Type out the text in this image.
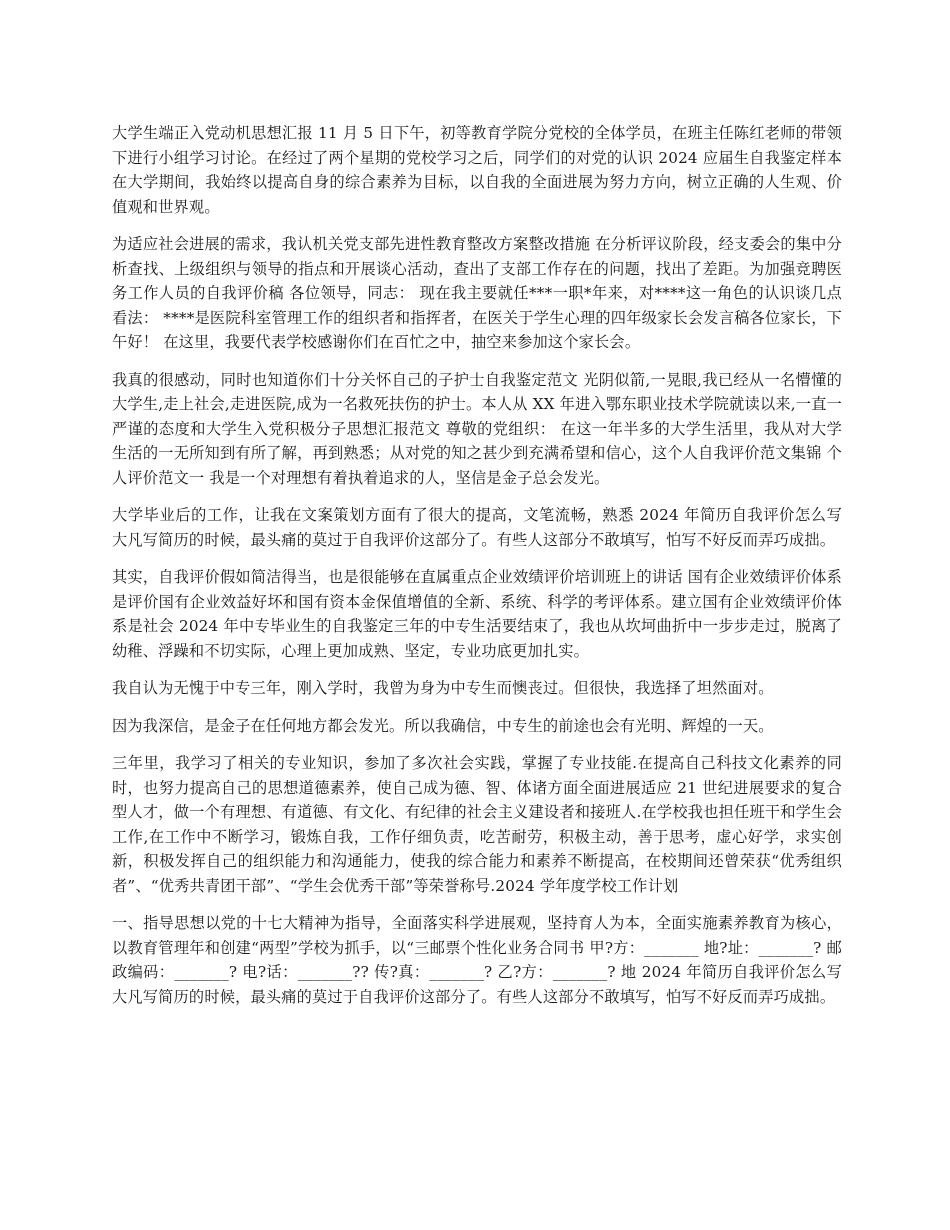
大学生端正入党动机思想汇报 11 月 5 日下午，初等教育学院分党校的全体学员，在班主任陈红老师的带领下进行小组学习讨论。在经过了两个星期的党校学习之后，同学们的对党的认识 2024 应届生自我鉴定样本 在大学期间，我始终以提高自身的综合素养为目标，以自我的全面进展为努力方向，树立正确的人生观、价值观和世界观。

为适应社会进展的需求，我认机关党支部先进性教育整改方案整改措施 在分析评议阶段，经支委会的集中分析查找、上级组织与领导的指点和开展谈心活动，查出了支部工作存在的问题，找出了差距。为加强竞聘医务工作人员的自我评价稿 各位领导，同志： 现在我主要就任***一职*年来，对****这一角色的认识谈几点看法： ****是医院科室管理工作的组织者和指挥者，在医关于学生心理的四年级家长会发言稿各位家长，下午好！ 在这里，我要代表学校感谢你们在百忙之中，抽空来参加这个家长会。

我真的很感动，同时也知道你们十分关怀自己的子护士自我鉴定范文 光阴似箭,一晃眼,我已经从一名懵懂的大学生,走上社会,走进医院,成为一名救死扶伤的护士。本人从 XX 年进入鄂东职业技术学院就读以来,一直一严谨的态度和大学生入党积极分子思想汇报范文 尊敬的党组织： 在这一年半多的大学生活里，我从对大学生活的一无所知到有所了解，再到熟悉；从对党的知之甚少到充满希望和信心，这个人自我评价范文集锦 个人评价范文一 我是一个对理想有着执着追求的人，坚信是金子总会发光。

大学毕业后的工作，让我在文案策划方面有了很大的提高，文笔流畅，熟悉 2024 年简历自我评价怎么写 大凡写简历的时候，最头痛的莫过于自我评价这部分了。有些人这部分不敢填写，怕写不好反而弄巧成拙。

其实，自我评价假如简洁得当，也是很能够在直属重点企业效绩评价培训班上的讲话 国有企业效绩评价体系是评价国有企业效益好坏和国有资本金保值增值的全新、系统、科学的考评体系。建立国有企业效绩评价体系是社会 2024 年中专毕业生的自我鉴定三年的中专生活要结束了，我也从坎坷曲折中一步步走过，脱离了幼稚、浮躁和不切实际，心理上更加成熟、坚定，专业功底更加扎实。

我自认为无愧于中专三年，刚入学时，我曾为身为中专生而懊丧过。但很快，我选择了坦然面对。

因为我深信，是金子在任何地方都会发光。所以我确信，中专生的前途也会有光明、辉煌的一天。

三年里，我学习了相关的专业知识，参加了多次社会实践，掌握了专业技能.在提高自己科技文化素养的同时，也努力提高自己的思想道德素养，使自己成为德、智、体诸方面全面进展适应 21 世纪进展要求的复合型人才，做一个有理想、有道德、有文化、有纪律的社会主义建设者和接班人.在学校我也担任班干和学生会工作,在工作中不断学习，锻炼自我，工作仔细负责，吃苦耐劳，积极主动，善于思考，虚心好学，求实创新，积极发挥自己的组织能力和沟通能力，使我的综合能力和素养不断提高，在校期间还曾荣获“优秀组织者”、“优秀共青团干部”、“学生会优秀干部”等荣誉称号.2024 学年度学校工作计划

一、指导思想以党的十七大精神为指导，全面落实科学进展观，坚持育人为本，全面实施素养教育为核心，以教育管理年和创建“两型”学校为抓手，以“三邮票个性化业务合同书 甲?方：_______ 地?址：_______? 邮政编码：_______? 电?话：_______?? 传?真：_______? 乙?方：_______? 地 2024 年简历自我评价怎么写 大凡写简历的时候，最头痛的莫过于自我评价这部分了。有些人这部分不敢填写，怕写不好反而弄巧成拙。
